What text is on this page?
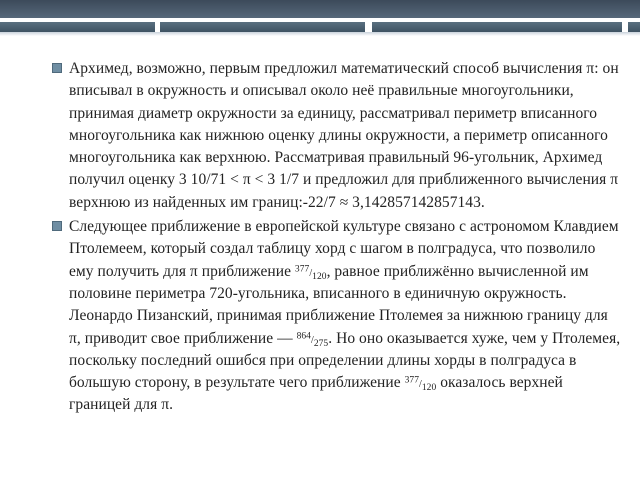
Архимед, возможно, первым предложил математический способ вычисления π: он вписывал в окружность и описывал около неё правильные многоугольники, принимая диаметр окружности за единицу, рассматривал периметр вписанного многоугольника как нижнюю оценку длины окружности, а периметр описанного многоугольника как верхнюю. Рассматривая правильный 96-угольник, Архимед получил оценку 3 10/71 < π < 3 1/7 и предложил для приближенного вычисления π верхнюю из найденных им границ:-22/7 ≈ 3,142857142857143.
Следующее приближение в европейской культуре связано с астрономом Клавдием Птолемеем, который создал таблицу хорд с шагом в полградуса, что позволило ему получить для π приближение $^{377}/_{120}$, равное приближённо вычисленной им половине периметра 720-угольника, вписанного в единичную окружность. Леонардо Пизанский, принимая приближение Птолемея за нижнюю границу для π, приводит свое приближение — $^{864}/_{275}$. Но оно оказывается хуже, чем у Птолемея, поскольку последний ошибся при определении длины хорды в полградуса в большую сторону, в результате чего приближение $^{377}/_{120}$ оказалось верхней границей для π.
